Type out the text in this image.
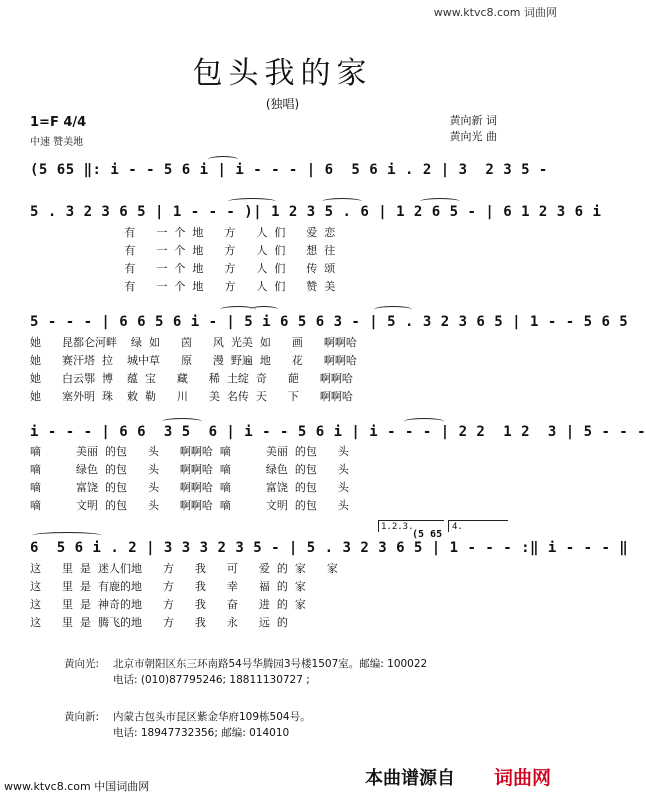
www.ktvc8.com 词曲网
包头我的家
(独唱)
1=F 4/4
中速 赞美地
黄向新 词
黄向光 曲
(5 65 ‖: i - - 5 6 i | i - - - | 6  5 6 i . 2 | 3  2 3 5 -
5 . 3 2 3 6 5 | 1 - - - )| 1 2 3 5 . 6 | 1 2 6 5 - | 6 1 2 3 6 i
有      一  个  地      方      人  们      爱  恋
有      一  个  地      方      人  们      想  往
有      一  个  地      方      人  们      传  颂
有      一  个  地      方      人  们      赞  美
5 - - - | 6 6 5 6 i - | 5 i 6 5 6 3 - | 5 . 3 2 3 6 5 | 1 - - 5 6 5
她      昆都仑河畔    绿  如      茵      风  光美  如      画      啊啊哈
她      赛汗塔  拉    城中草      原      漫  野遍  地      花      啊啊哈
她      白云鄂  博    蕴  宝      藏      稀  土绽  奇      葩      啊啊哈
她      塞外明  珠    敕  勒      川      美  名传  天      下      啊啊哈
i - - - | 6 6  3 5  6 | i - - 5 6 i | i - - - | 2 2  1 2  3 | 5 - - -
嘀          美丽  的包      头      啊啊哈  嘀          美丽  的包      头
嘀          绿色  的包      头      啊啊哈  嘀          绿色  的包      头
嘀          富饶  的包      头      啊啊哈  嘀          富饶  的包      头
嘀          文明  的包      头      啊啊哈  嘀          文明  的包      头
1.2.3.
(5 65
4.
6  5 6 i . 2 | 3 3 3 2 3 5 - | 5 . 3 2 3 6 5 | 1 - - - :‖ i - - - ‖
这      里  是  迷人们地      方      我      可      爱  的  家      家
这      里  是  有鹿的地      方      我      幸      福  的  家
这      里  是  神奇的地      方      我      奋      进  的  家
这      里  是  腾飞的地      方      我      永      远  的
黄向光: 北京市朝阳区东三环南路54号华腾园3号楼1507室。邮编: 100022
电话: (010)87795246; 18811130727 ;
黄向新: 内蒙古包头市昆区紫金华府109栋504号。
电话: 18947732356; 邮编: 014010
www.ktvc8.com 中国词曲网	本曲谱源自 词曲网
